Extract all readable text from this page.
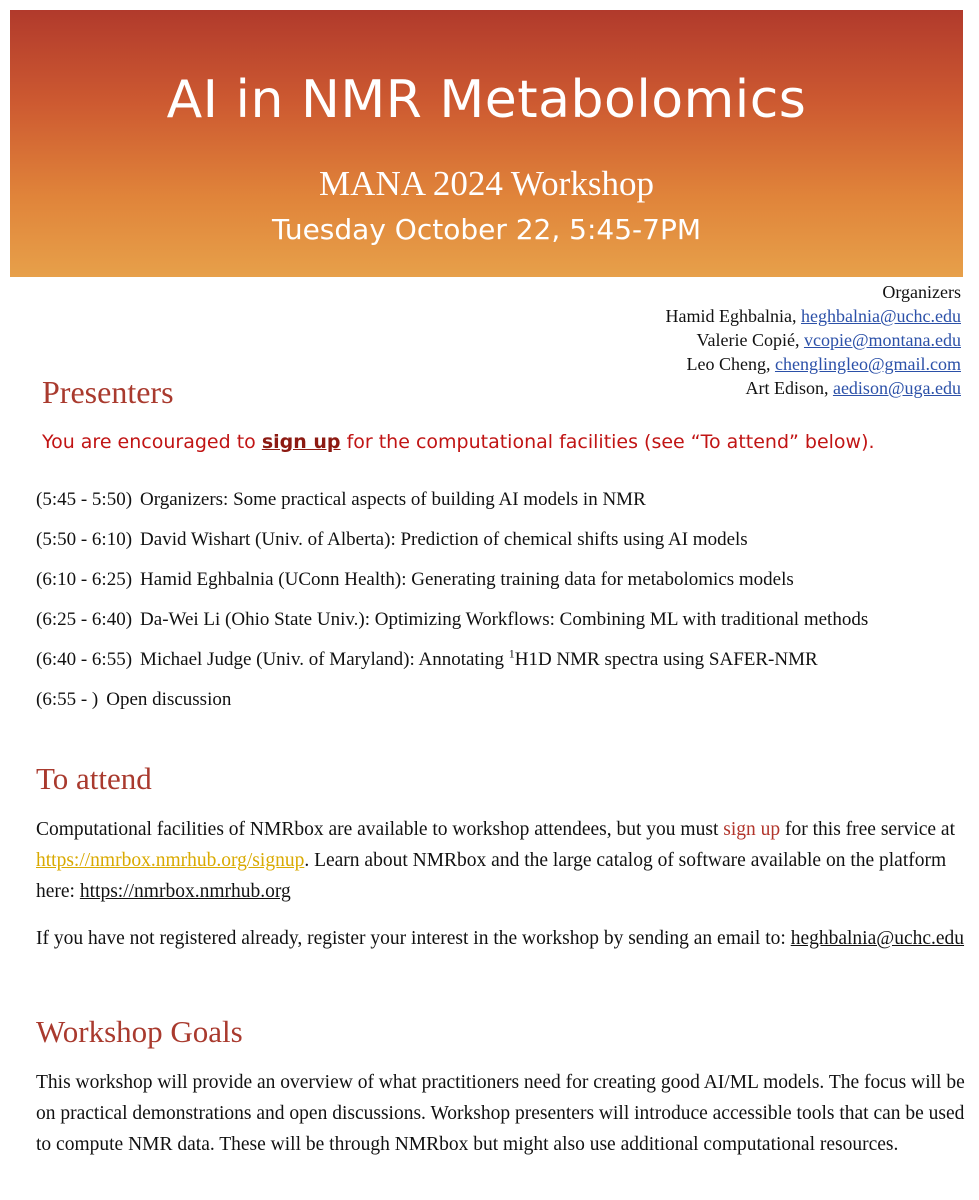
AI in NMR Metabolomics
MANA 2024 Workshop
Tuesday October 22, 5:45-7PM
Organizers
Hamid Eghbalnia, heghbalnia@uchc.edu
Valerie Copié, vcopie@montana.edu
Leo Cheng, chenglingleo@gmail.com
Art Edison, aedison@uga.edu
Presenters
You are encouraged to sign up for the computational facilities (see “To attend” below).
(5:45 - 5:50) Organizers: Some practical aspects of building AI models in NMR
(5:50 - 6:10) David Wishart (Univ. of Alberta): Prediction of chemical shifts using AI models
(6:10 - 6:25) Hamid Eghbalnia (UConn Health): Generating training data for metabolomics models
(6:25 - 6:40) Da-Wei Li (Ohio State Univ.): Optimizing Workflows: Combining ML with traditional methods
(6:40 - 6:55) Michael Judge (Univ. of Maryland): Annotating $^1$H1D NMR spectra using SAFER-NMR
(6:55 - ) Open discussion
To attend

Computational facilities of NMRbox are available to workshop attendees, but you must sign up for this free service at https://nmrbox.nmrhub.org/signup. Learn about NMRbox and the large catalog of software available on the platform here: https://nmrbox.nmrhub.org

If you have not registered already, register your interest in the workshop by sending an email to: heghbalnia@uchc.edu

Workshop Goals

This workshop will provide an overview of what practitioners need for creating good AI/ML models. The focus will be on practical demonstrations and open discussions. Workshop presenters will introduce accessible tools that can be used to compute NMR data. These will be through NMRbox but might also use additional computational resources.
